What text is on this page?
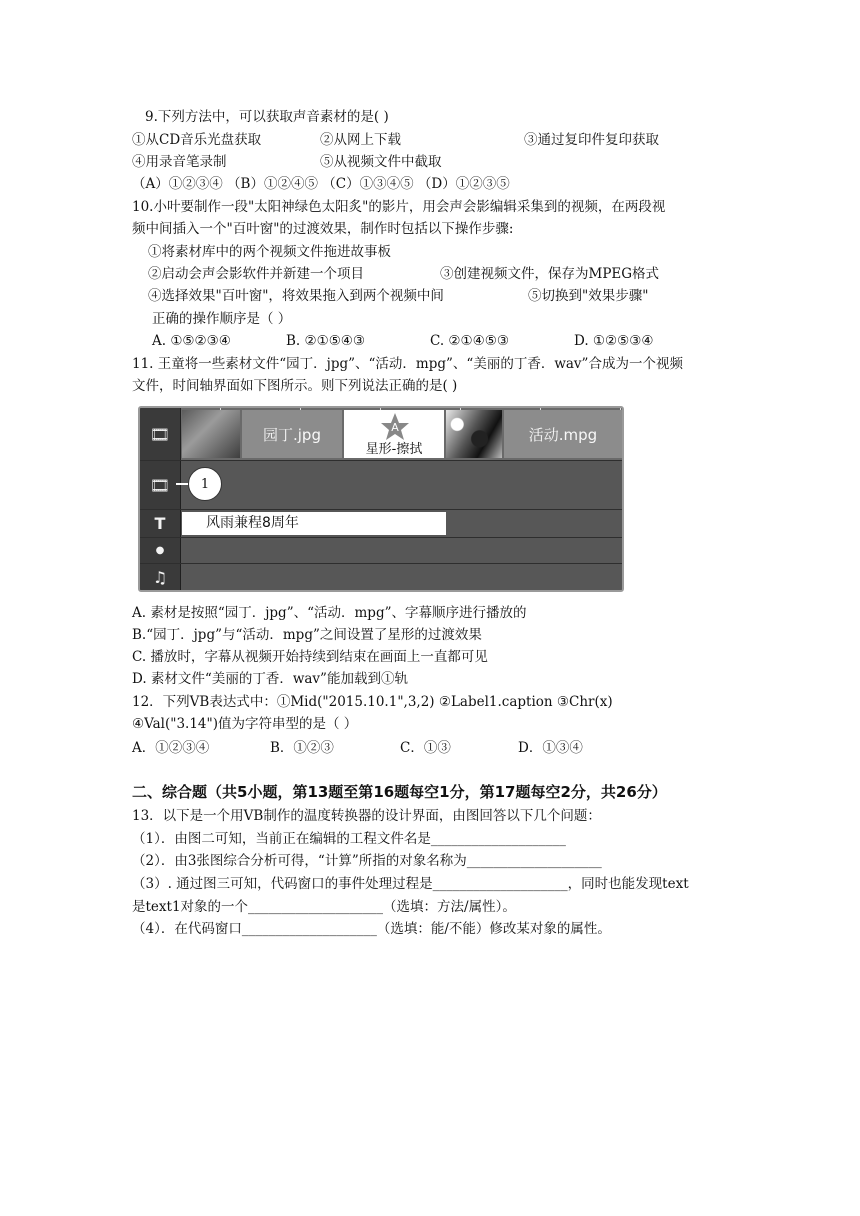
9.下列方法中，可以获取声音素材的是( )
①从CD音乐光盘获取	②从网上下载	③通过复印件复印获取
④用录音笔录制	⑤从视频文件中截取
（A）①②③④ （B）①②④⑤ （C）①③④⑤ （D）①②③⑤
10.小叶要制作一段"太阳神绿色太阳炙"的影片，用会声会影编辑采集到的视频，在两段视
频中间插入一个"百叶窗"的过渡效果，制作时包括以下操作步骤:
①将素材库中的两个视频文件拖进故事板
②启动会声会影软件并新建一个项目	③创建视频文件，保存为MPEG格式
④选择效果"百叶窗"，将效果拖入到两个视频中间	⑤切换到"效果步骤"
正确的操作顺序是（ ）
A. ①⑤②③④	B. ②①⑤④③	C. ②①④⑤③	D. ①②⑤③④
11. 王童将一些素材文件“园丁．jpg”、“活动．mpg”、“美丽的丁香．wav”合成为一个视频
文件，时间轴界面如下图所示。则下列说法正确的是( )
🎞	园丁.jpg	A
星形-擦拭
活动.mpg
🎞	1
T	风雨兼程8周年
●
♫
A. 素材是按照“园丁．jpg”、“活动．mpg”、字幕顺序进行播放的
B.“园丁．jpg”与“活动．mpg”之间设置了星形的过渡效果
C. 播放时，字幕从视频开始持续到结束在画面上一直都可见
D. 素材文件“美丽的丁香．wav”能加载到①轨
12．下列VB表达式中：①Mid("2015.10.1",3,2) ②Label1.caption ③Chr(x)
④Val("3.14")值为字符串型的是（ ）
A．①②③④	B．①②③	C．①③	D．①③④
二、综合题（共5小题，第13题至第16题每空1分，第17题每空2分，共26分）
13．以下是一个用VB制作的温度转换器的设计界面，由图回答以下几个问题：
（1）．由图二可知，当前正在编辑的工程文件名是____________________
（2）．由3张图综合分析可得，“计算”所指的对象名称为____________________
（3）. 通过图三可知，代码窗口的事件处理过程是____________________，同时也能发现text
是text1对象的一个____________________（选填：方法/属性）。
（4）．在代码窗口____________________（选填：能/不能）修改某对象的属性。
